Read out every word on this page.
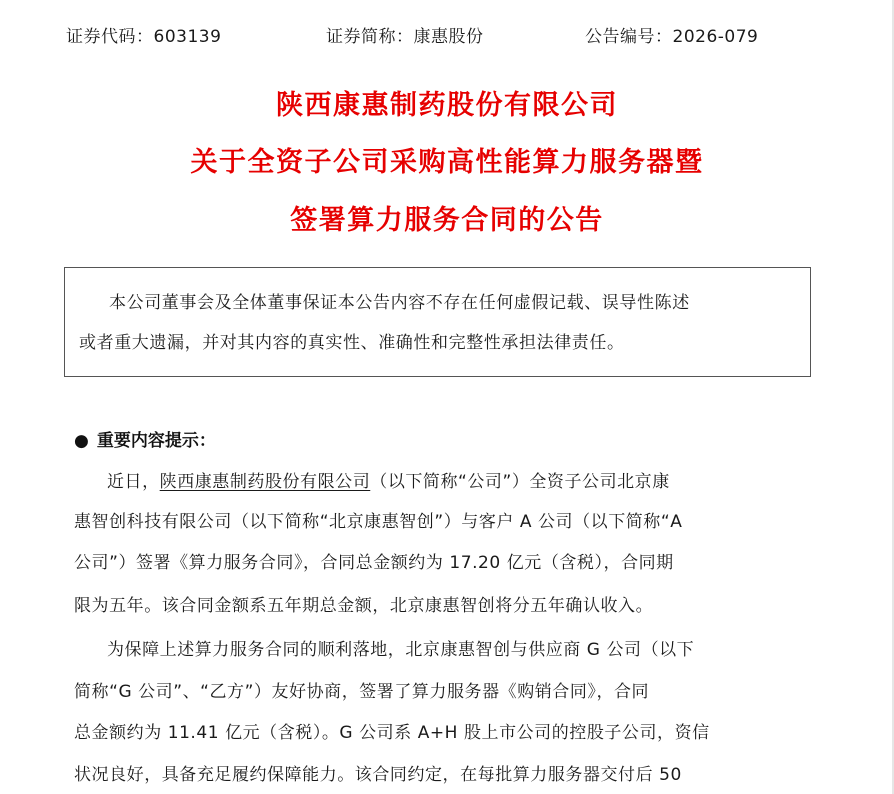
证券代码：603139	证券简称：康惠股份	公告编号：2026-079
陕西康惠制药股份有限公司
关于全资子公司采购高性能算力服务器暨
签署算力服务合同的公告
本公司董事会及全体董事保证本公告内容不存在任何虚假记载、误导性陈述
或者重大遗漏，并对其内容的真实性、准确性和完整性承担法律责任。
● 重要内容提示：
近日，陕西康惠制药股份有限公司（以下简称“公司”）全资子公司北京康
惠智创科技有限公司（以下简称“北京康惠智创”）与客户 A 公司（以下简称“A
公司”）签署《算力服务合同》，合同总金额约为 17.20 亿元（含税），合同期
限为五年。该合同金额系五年期总金额，北京康惠智创将分五年确认收入。
为保障上述算力服务合同的顺利落地，北京康惠智创与供应商 G 公司（以下
简称“G 公司”、“乙方”）友好协商，签署了算力服务器《购销合同》，合同
总金额约为 11.41 亿元（含税）。G 公司系 A+H 股上市公司的控股子公司，资信
状况良好，具备充足履约保障能力。该合同约定，在每批算力服务器交付后 50
